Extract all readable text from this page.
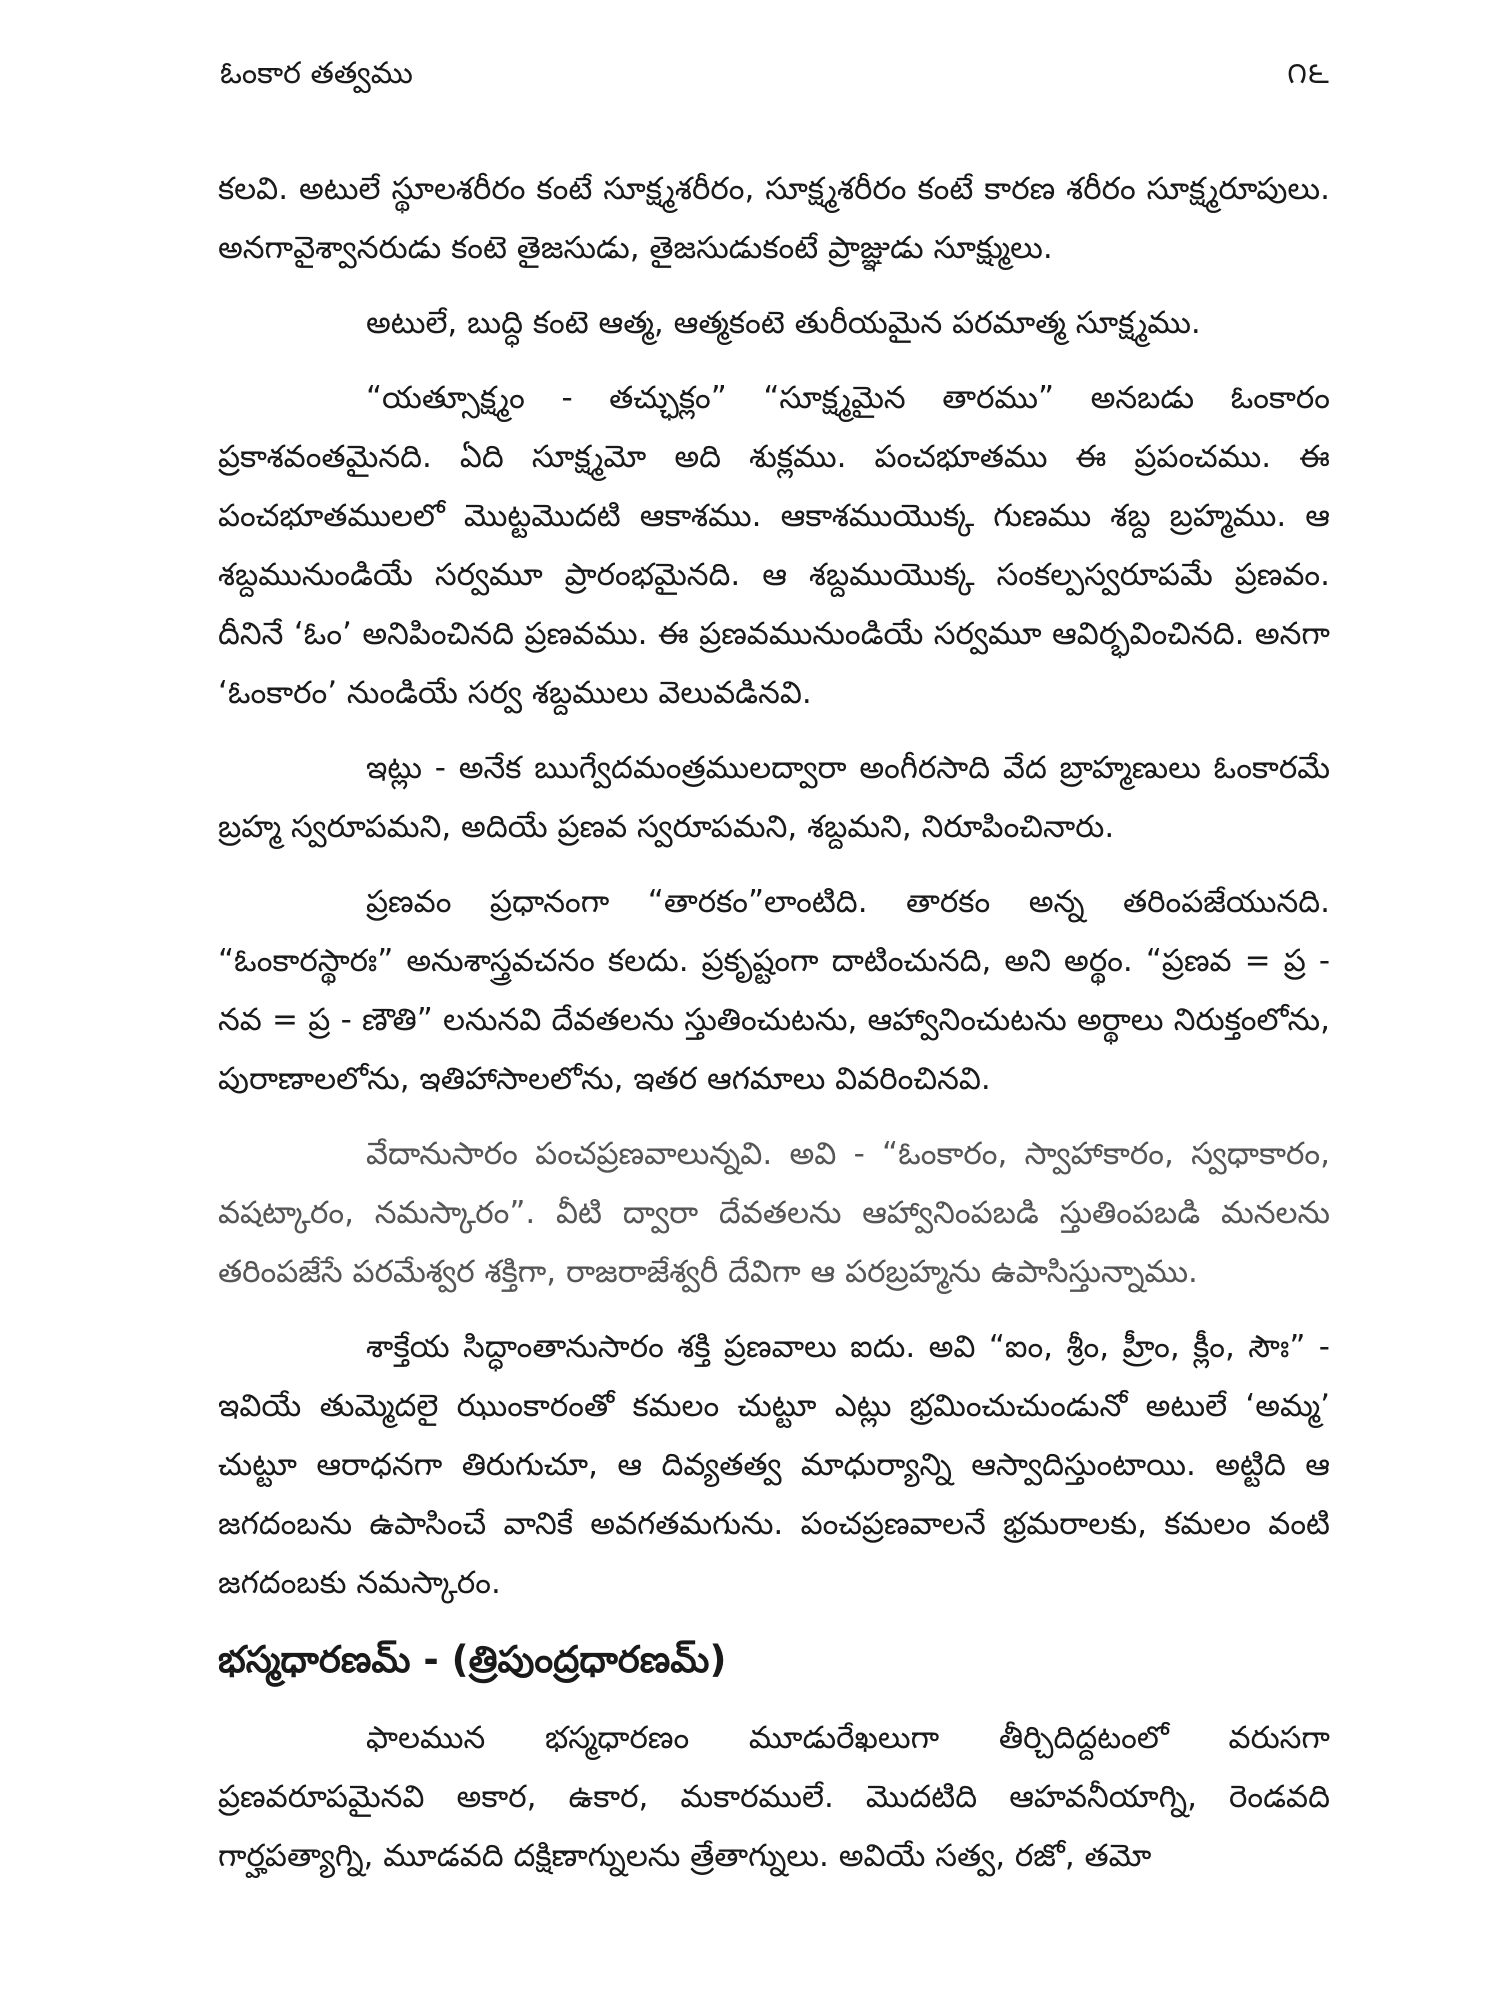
ఓంకార తత్వము	౧౬

కలవి. అటులే స్థూలశరీరం కంటే సూక్ష్మశరీరం, సూక్ష్మశరీరం కంటే కారణ శరీరం సూక్ష్మరూపులు. అనగావైశ్వానరుడు కంటె తైజసుడు, తైజసుడుకంటే ప్రాజ్ఞుడు సూక్ష్ములు.

అటులే, బుద్ధి కంటె ఆత్మ, ఆత్మకంటె తురీయమైన పరమాత్మ సూక్ష్మము.

“యత్సూక్ష్మం - తచ్ఛుక్లం” “సూక్ష్మమైన తారము” అనబడు ఓంకారం ప్రకాశవంతమైనది. ఏది సూక్ష్మమో అది శుక్లము. పంచభూతము ఈ ప్రపంచము. ఈ పంచభూతములలో మొట్టమొదటి ఆకాశము. ఆకాశముయొక్క గుణము శబ్ద బ్రహ్మము. ఆ శబ్దమునుండియే సర్వమూ ప్రారంభమైనది. ఆ శబ్దముయొక్క సంకల్పస్వరూపమే ప్రణవం. దీనినే ‘ఓం’ అనిపించినది ప్రణవము. ఈ ప్రణవమునుండియే సర్వమూ ఆవిర్భవించినది. అనగా ‘ఓంకారం’ నుండియే సర్వ శబ్దములు వెలువడినవి.

ఇట్లు - అనేక ఋగ్వేదమంత్రములద్వారా అంగీరసాది వేద బ్రాహ్మణులు ఓంకారమే బ్రహ్మ స్వరూపమని, అదియే ప్రణవ స్వరూపమని, శబ్దమని, నిరూపించినారు.

ప్రణవం ప్రధానంగా “తారకం”లాంటిది. తారకం అన్న తరింపజేయునది. “ఓంకారస్థారః” అనుశాస్త్రవచనం కలదు. ప్రకృష్టంగా దాటించునది, అని అర్థం. “ప్రణవ = ప్ర - నవ = ప్ర - ణౌతి” లనునవి దేవతలను స్తుతించుటను, ఆహ్వానించుటను అర్థాలు నిరుక్తంలోను, పురాణాలలోను, ఇతిహాసాలలోను, ఇతర ఆగమాలు వివరించినవి.

వేదానుసారం పంచప్రణవాలున్నవి. అవి - “ఓంకారం, స్వాహాకారం, స్వధాకారం, వషట్కారం, నమస్కారం”. వీటి ద్వారా దేవతలను ఆహ్వానింపబడి స్తుతింపబడి మనలను తరింపజేసే పరమేశ్వర శక్తిగా, రాజరాజేశ్వరీ దేవిగా ఆ పరబ్రహ్మను ఉపాసిస్తున్నాము.

శాక్తేయ సిద్ధాంతానుసారం శక్తి ప్రణవాలు ఐదు. అవి “ఐం, శ్రీం, హ్రీం, క్లీం, సౌః” - ఇవియే తుమ్మెదలై ఝుంకారంతో కమలం చుట్టూ ఎట్లు భ్రమించుచుండునో అటులే ‘అమ్మ’ చుట్టూ ఆరాధనగా తిరుగుచూ, ఆ దివ్యతత్వ మాధుర్యాన్ని ఆస్వాదిస్తుంటాయి. అట్టిది ఆ జగదంబను ఉపాసించే వానికే అవగతమగును. పంచప్రణవాలనే భ్రమరాలకు, కమలం వంటి జగదంబకు నమస్కారం.

భస్మధారణమ్ - (త్రిపుంద్రధారణమ్)

ఫాలమున భస్మధారణం మూడురేఖలుగా తీర్చిదిద్దటంలో వరుసగా ప్రణవరూపమైనవి అకార, ఉకార, మకారములే. మొదటిది ఆహవనీయాగ్ని, రెండవది గార్హపత్యాగ్ని, మూడవది దక్షిణాగ్నులను త్రేతాగ్నులు. అవియే సత్వ, రజో, తమో
